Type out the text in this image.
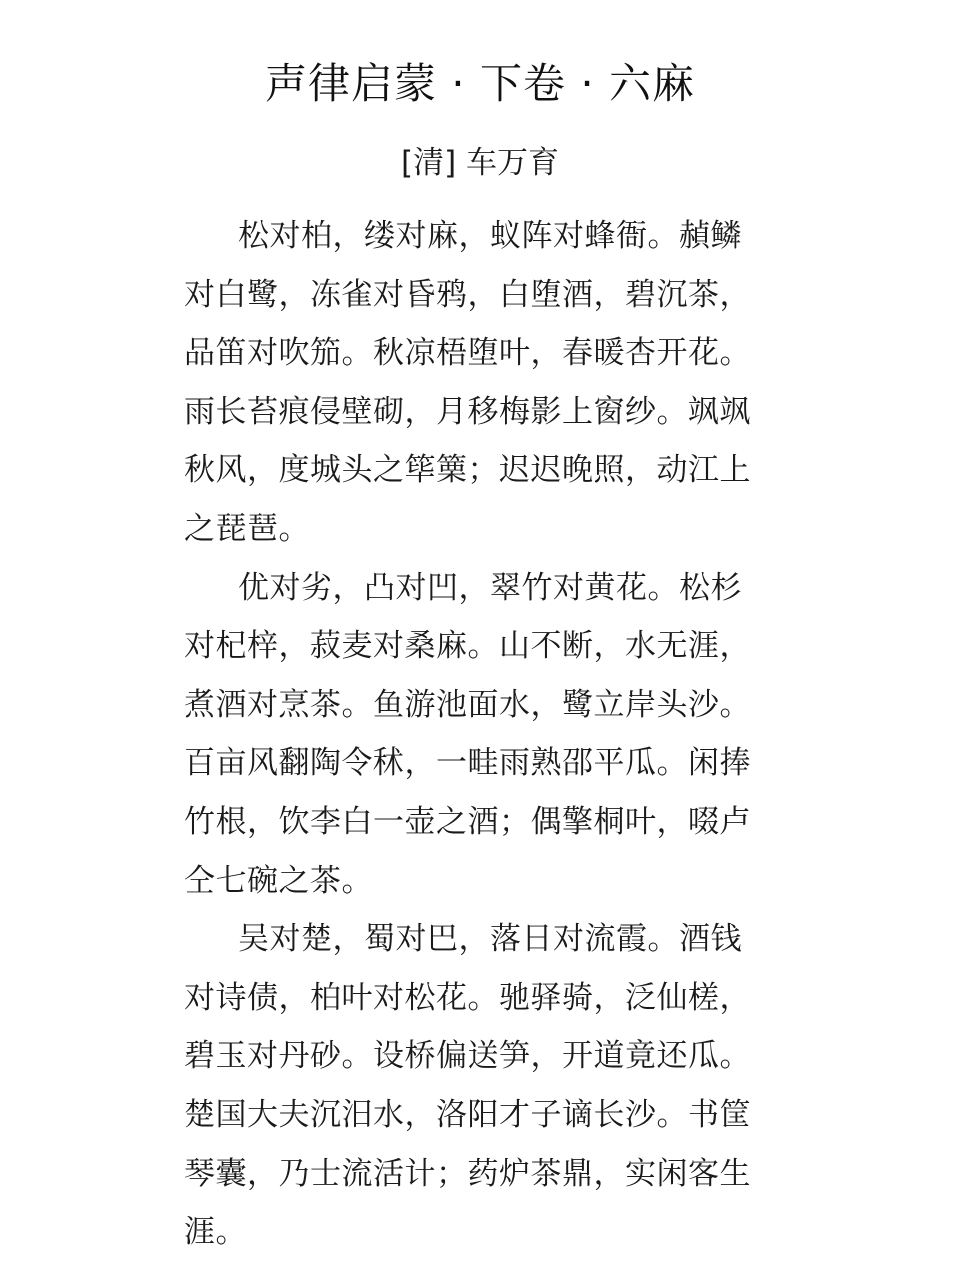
声律启蒙 · 下卷 · 六麻
[清] 车万育
松对柏，缕对麻，蚁阵对蜂衙。赬鳞
对白鹭，冻雀对昏鸦，白堕酒，碧沉茶，
品笛对吹笳。秋凉梧堕叶，春暖杏开花。
雨长苔痕侵壁砌，月移梅影上窗纱。飒飒
秋风，度城头之筚篥；迟迟晚照，动江上
之琵琶。
优对劣，凸对凹，翠竹对黄花。松杉
对杞梓，菽麦对桑麻。山不断，水无涯，
煮酒对烹茶。鱼游池面水，鹭立岸头沙。
百亩风翻陶令秫，一畦雨熟邵平瓜。闲捧
竹根，饮李白一壶之酒；偶擎桐叶，啜卢
仝七碗之茶。
吴对楚，蜀对巴，落日对流霞。酒钱
对诗债，柏叶对松花。驰驿骑，泛仙槎，
碧玉对丹砂。设桥偏送笋，开道竟还瓜。
楚国大夫沉汨水，洛阳才子谪长沙。书筐
琴囊，乃士流活计；药炉茶鼎，实闲客生
涯。
